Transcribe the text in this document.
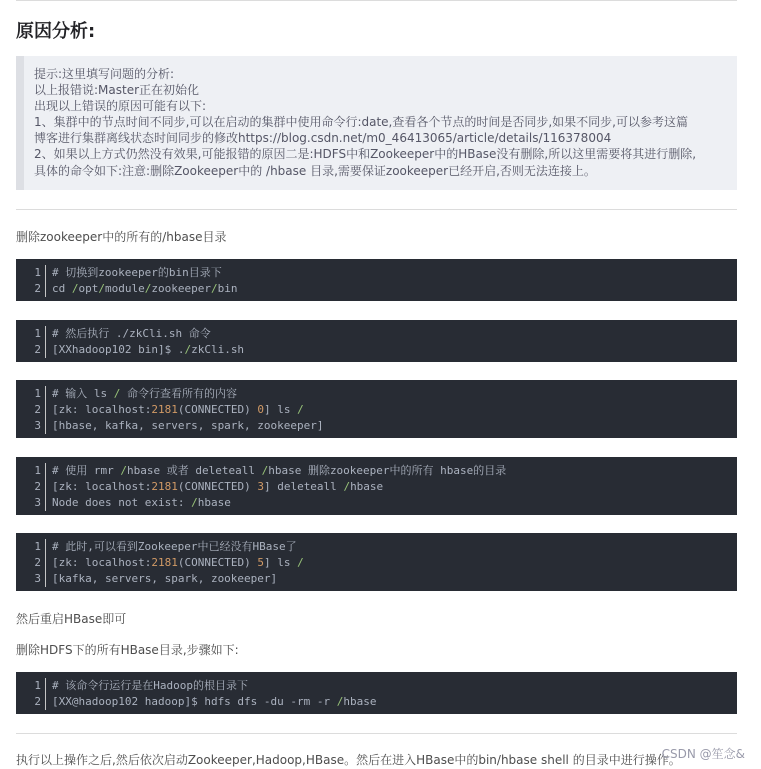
原因分析:
提示:这里填写问题的分析:
以上报错说:Master正在初始化
出现以上错误的原因可能有以下:
1、集群中的节点时间不同步,可以在启动的集群中使用命令行:date,查看各个节点的时间是否同步,如果不同步,可以参考这篇
博客进行集群离线状态时间同步的修改https://blog.csdn.net/m0_46413065/article/details/116378004
2、如果以上方式仍然没有效果,可能报错的原因二是:HDFS中和Zookeeper中的HBase没有删除,所以这里需要将其进行删除,
具体的命令如下:注意:删除Zookeeper中的 /hbase 目录,需要保证zookeeper已经开启,否则无法连接上。
删除zookeeper中的所有的/hbase目录
1	# 切换到zookeeper的bin目录下
2	cd /opt/module/zookeeper/bin
1	# 然后执行 ./zkCli.sh 命令
2	[XXhadoop102 bin]$ ./zkCli.sh
1	# 输入 ls / 命令行查看所有的内容
2	[zk: localhost:2181(CONNECTED) 0] ls /
3	[hbase, kafka, servers, spark, zookeeper]
1	# 使用 rmr /hbase 或者 deleteall /hbase 删除zookeeper中的所有 hbase的目录
2	[zk: localhost:2181(CONNECTED) 3] deleteall /hbase
3	Node does not exist: /hbase
1	# 此时,可以看到Zookeeper中已经没有HBase了
2	[zk: localhost:2181(CONNECTED) 5] ls /
3	[kafka, servers, spark, zookeeper]
然后重启HBase即可
删除HDFS下的所有HBase目录,步骤如下:
1	# 该命令行运行是在Hadoop的根目录下
2	[XX@hadoop102 hadoop]$ hdfs dfs -du -rm -r /hbase
执行以上操作之后,然后依次启动Zookeeper,Hadoop,HBase。然后在进入HBase中的bin/hbase shell 的目录中进行操作。
CSDN @笙念&
